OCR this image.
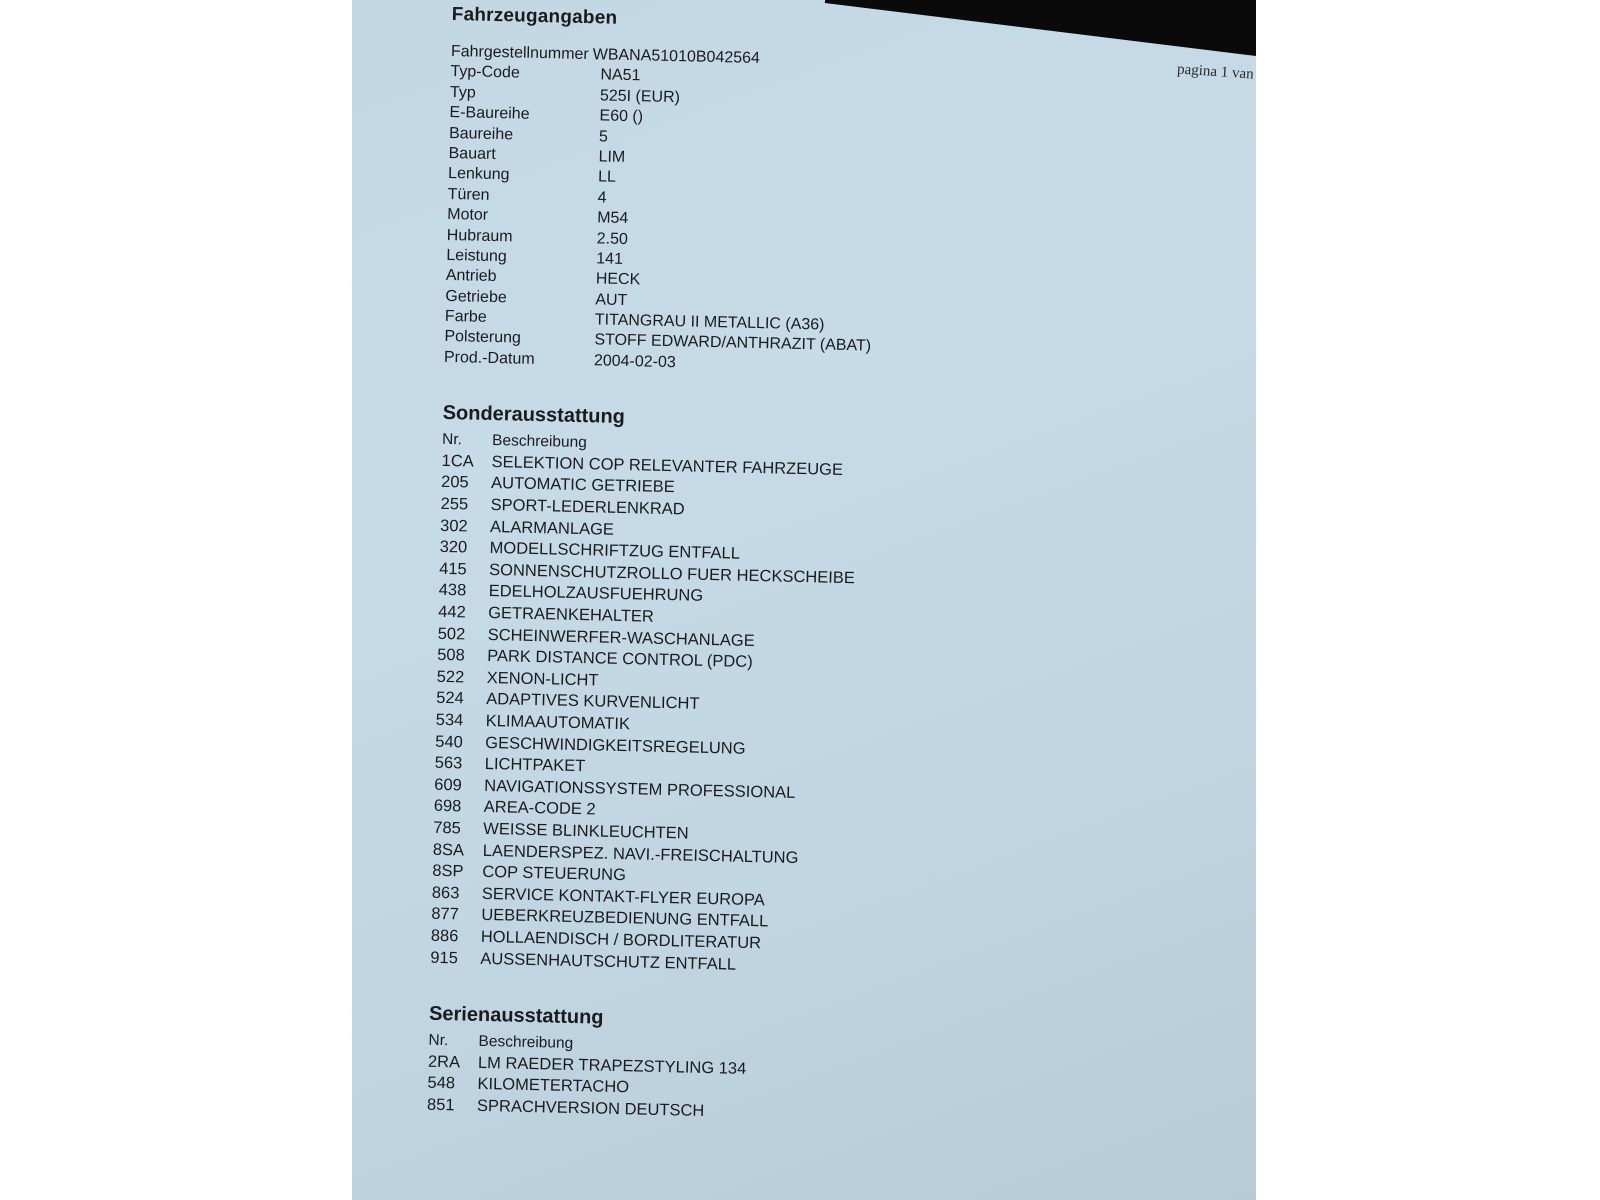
pagina 1 van
Fahrzeugangaben
Fahrgestellnummer WBANA51010B042564
Typ-Code	NA51
Typ	525I (EUR)
E-Baureihe	E60 ()
Baureihe	5
Bauart	LIM
Lenkung	LL
Türen	4
Motor	M54
Hubraum	2.50
Leistung	141
Antrieb	HECK
Getriebe	AUT
Farbe	TITANGRAU II METALLIC (A36)
Polsterung	STOFF EDWARD/ANTHRAZIT (ABAT)
Prod.-Datum	2004-02-03
Sonderausstattung
Nr.	Beschreibung
1CA	SELEKTION COP RELEVANTER FAHRZEUGE
205	AUTOMATIC GETRIEBE
255	SPORT-LEDERLENKRAD
302	ALARMANLAGE
320	MODELLSCHRIFTZUG ENTFALL
415	SONNENSCHUTZROLLO FUER HECKSCHEIBE
438	EDELHOLZAUSFUEHRUNG
442	GETRAENKEHALTER
502	SCHEINWERFER-WASCHANLAGE
508	PARK DISTANCE CONTROL (PDC)
522	XENON-LICHT
524	ADAPTIVES KURVENLICHT
534	KLIMAAUTOMATIK
540	GESCHWINDIGKEITSREGELUNG
563	LICHTPAKET
609	NAVIGATIONSSYSTEM PROFESSIONAL
698	AREA-CODE 2
785	WEISSE BLINKLEUCHTEN
8SA	LAENDERSPEZ. NAVI.-FREISCHALTUNG
8SP	COP STEUERUNG
863	SERVICE KONTAKT-FLYER EUROPA
877	UEBERKREUZBEDIENUNG ENTFALL
886	HOLLAENDISCH / BORDLITERATUR
915	AUSSENHAUTSCHUTZ ENTFALL
Serienausstattung
Nr.	Beschreibung
2RA	LM RAEDER TRAPEZSTYLING 134
548	KILOMETERTACHO
851	SPRACHVERSION DEUTSCH
